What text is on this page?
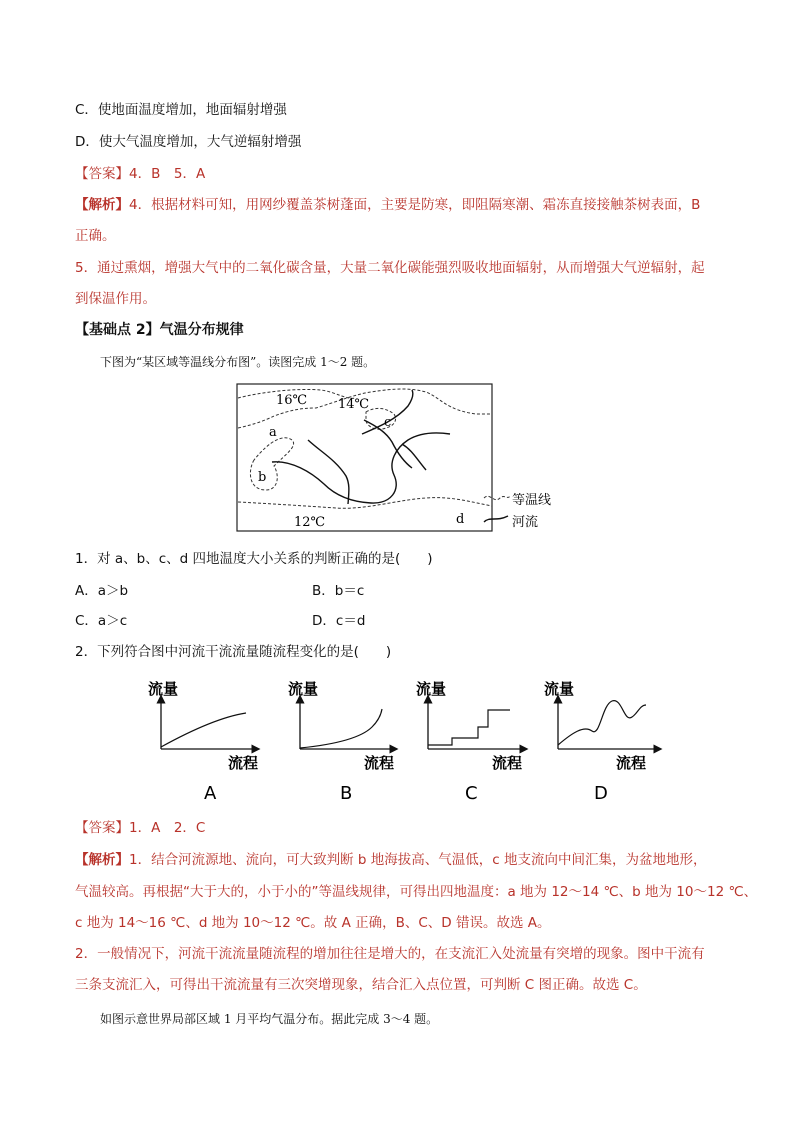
C．使地面温度增加，地面辐射增强
D．使大气温度增加，大气逆辐射增强
【答案】4．B　5．A
【解析】4．根据材料可知，用网纱覆盖茶树蓬面，主要是防寒，即阻隔寒潮、霜冻直接接触茶树表面，B
正确。
5．通过熏烟，增强大气中的二氧化碳含量，大量二氧化碳能强烈吸收地面辐射，从而增强大气逆辐射，起
到保温作用。
【基础点 2】气温分布规律
下图为“某区域等温线分布图”。读图完成 1～2 题。
16℃ 14℃
12℃
a
b
c
d
等温线
河流
1．对 a、b、c、d 四地温度大小关系的判断正确的是(　　)
A．a＞b	B．b＝c
C．a＞c	D．c＝d
2．下列符合图中河流干流流量随流程变化的是(　　)
流量
流程
A
流量
流程
B
流量
流程
C
流量
流程
D
【答案】1．A　2．C
【解析】1．结合河流源地、流向，可大致判断 b 地海拔高、气温低，c 地支流向中间汇集，为盆地地形，
气温较高。再根据“大于大的，小于小的”等温线规律，可得出四地温度：a 地为 12～14 ℃、b 地为 10～12 ℃、
c 地为 14～16 ℃、d 地为 10～12 ℃。故 A 正确，B、C、D 错误。故选 A。
2．一般情况下，河流干流流量随流程的增加往往是增大的，在支流汇入处流量有突增的现象。图中干流有
三条支流汇入，可得出干流流量有三次突增现象，结合汇入点位置，可判断 C 图正确。故选 C。
如图示意世界局部区域 1 月平均气温分布。据此完成 3～4 题。
